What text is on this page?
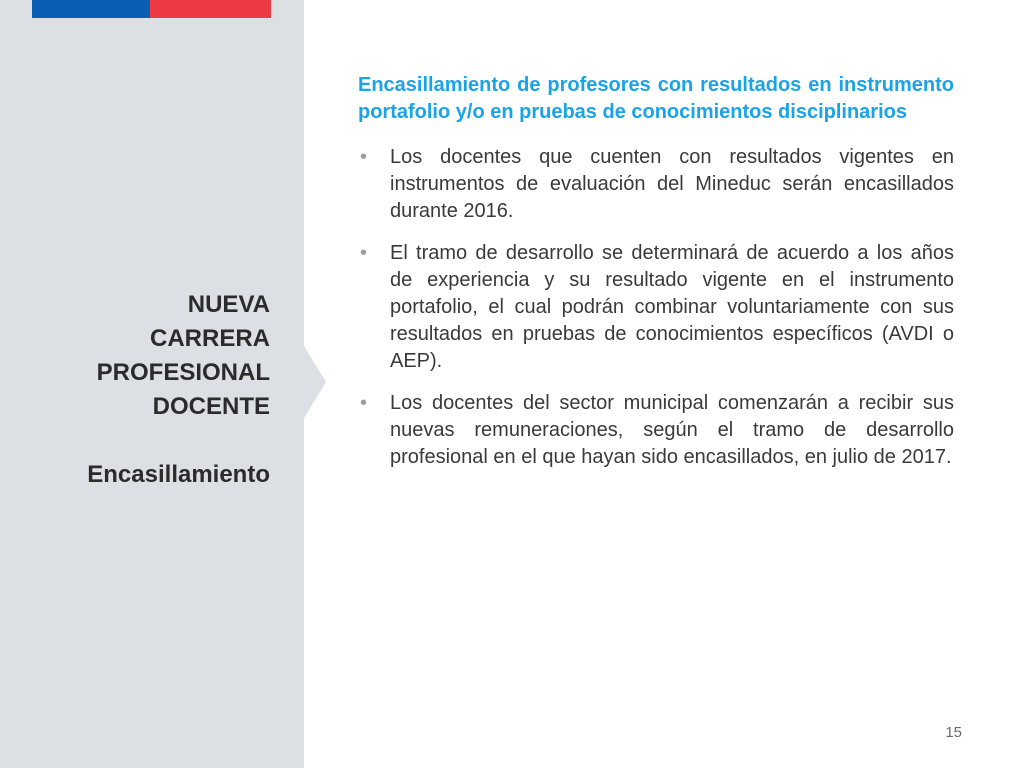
NUEVA
CARRERA
PROFESIONAL
DOCENTE
Encasillamiento

Encasillamiento de profesores con resultados en instrumento portafolio y/o en pruebas de conocimientos disciplinarios

• Los docentes que cuenten con resultados vigentes en instrumentos de evaluación del Mineduc serán encasillados durante 2016.
• El tramo de desarrollo se determinará de acuerdo a los años de experiencia y su resultado vigente en el instrumento portafolio, el cual podrán combinar voluntariamente con sus resultados en pruebas de conocimientos específicos (AVDI o AEP).
• Los docentes del sector municipal comenzarán a recibir sus nuevas remuneraciones, según el tramo de desarrollo profesional en el que hayan sido encasillados, en julio de 2017.
15
